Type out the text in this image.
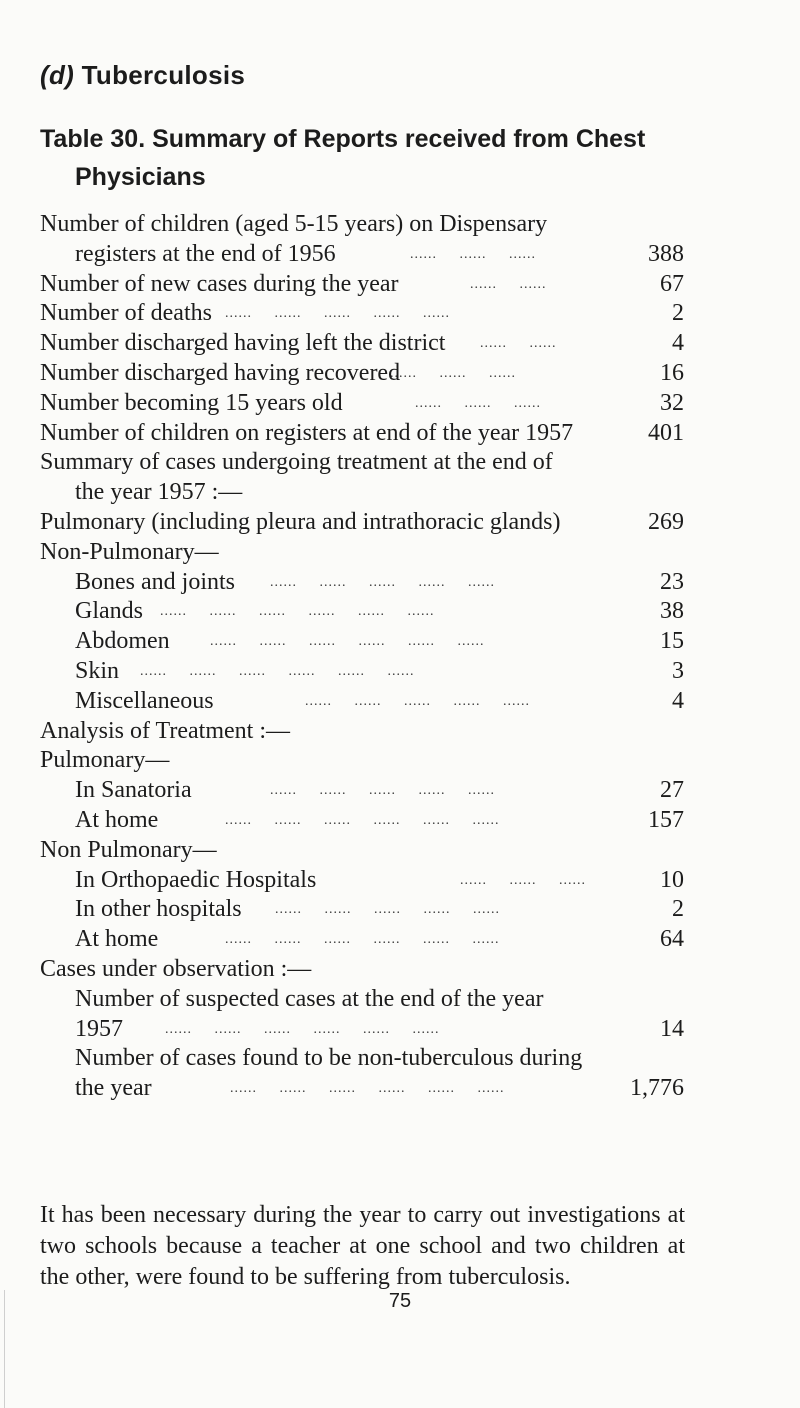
(d) Tuberculosis
Table 30. Summary of Reports received from Chest
Physicians
Number of children (aged 5-15 years) on Dispensary
registers at the end of 1956	......     ......     ......	388
Number of new cases during the year	......     ......	67
Number of deaths ......     ......     ......     ......     ......	2
Number discharged having left the district ......     ......	4
Number discharged having recovered
......     ......     ......	16
Number becoming 15 years old	......     ......     ......	32
Number of children on registers at end of the year 1957	401
Summary of cases undergoing treatment at the end of
the year 1957 :—
Pulmonary (including pleura and intrathoracic glands)	269
Non-Pulmonary—
Bones and joints	......     ......     ......     ......     ......	23
Glands ......     ......     ......     ......     ......     ......	38
Abdomen	......     ......     ......     ......     ......     ......	15
Skin ......     ......     ......     ......     ......     ......	3
Miscellaneous	......     ......     ......     ......     ......	4
Analysis of Treatment :—
Pulmonary—
In Sanatoria	......     ......     ......     ......     ......	27
At home	......     ......     ......     ......     ......     ......	157
Non Pulmonary—
In Orthopaedic Hospitals	......     ......     ......	10
In other hospitals ......     ......     ......     ......     ......	2
At home	......     ......     ......     ......     ......     ......	64
Cases under observation :—
Number of suspected cases at the end of the year
1957	......     ......     ......     ......     ......     ......	14
Number of cases found to be non-tuberculous during
the year	......     ......     ......     ......     ......     ......	1,776
It has been necessary during the year to carry out investigations at two schools because a teacher at one school and two children at the other, were found to be suffering from tuberculosis.
75
